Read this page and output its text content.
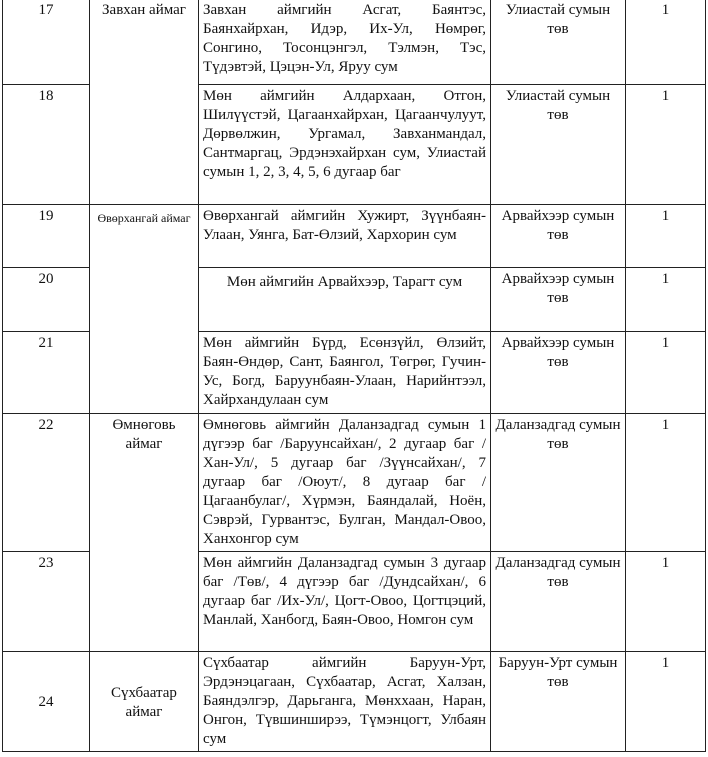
17	Завхан аймаг	Завхан аймгийн Асгат, Баянтэс, Баянхайрхан, Идэр, Их-Ул, Нөмрөг, Сонгино, Тосонцэнгэл, Тэлмэн, Тэс, Түдэвтэй, Цэцэн-Ул, Яруу сум	Улиастай сумын төв	1
18		Мөн аймгийн Алдархаан, Отгон, Шилүүстэй, Цагаанхайрхан, Цагаанчулуут, Дөрвөлжин, Ургамал, Завханмандал, Сантмаргац, Эрдэнэхайрхан сум, Улиастай сумын 1, 2, 3, 4, 5, 6 дугаар баг	Улиастай сумын төв	1
19	Өвөрхангай аймаг	Өвөрхангай аймгийн Хужирт, Зүүнбаян-Улаан, Уянга, Бат-Өлзий, Хархорин сум	Арвайхээр сумын төв	1
20		Мөн аймгийн Арвайхээр, Тарагт сум	Арвайхээр сумын төв	1
21		Мөн аймгийн Бүрд, Есөнзүйл, Өлзийт, Баян-Өндөр, Сант, Баянгол, Төгрөг, Гучин-Ус, Богд, Баруунбаян-Улаан, Нарийнтээл, Хайрхандулаан сум	Арвайхээр сумын төв	1
22	Өмнөговь аймаг	Өмнөговь аймгийн Даланзадгад сумын 1 дүгээр баг /Баруунсайхан/, 2 дугаар баг /Хан-Ул/, 5 дугаар баг /Зүүнсайхан/, 7 дугаар баг /Оюут/, 8 дугаар баг /Цагаанбулаг/, Хүрмэн, Баяндалай, Ноён, Сэврэй, Гурвантэс, Булган, Мандал-Овоо, Ханхонгор сум	Даланзадгад сумын төв	1
23		Мөн аймгийн Даланзадгад сумын 3 дугаар баг /Төв/, 4 дүгээр баг /Дундсайхан/, 6 дугаар баг /Их-Ул/, Цогт-Овоо, Цогтцэций, Манлай, Ханбогд, Баян-Овоо, Номгон сум	Даланзадгад сумын төв	1
24	Сүхбаатар аймаг	Сүхбаатар аймгийн Баруун-Урт, Эрдэнэцагаан, Сүхбаатар, Асгат, Халзан, Баяндэлгэр, Дарьганга, Мөнххаан, Наран, Онгон, Түвшинширээ, Түмэнцогт, Улбаян сум	Баруун-Урт сумын төв	1
